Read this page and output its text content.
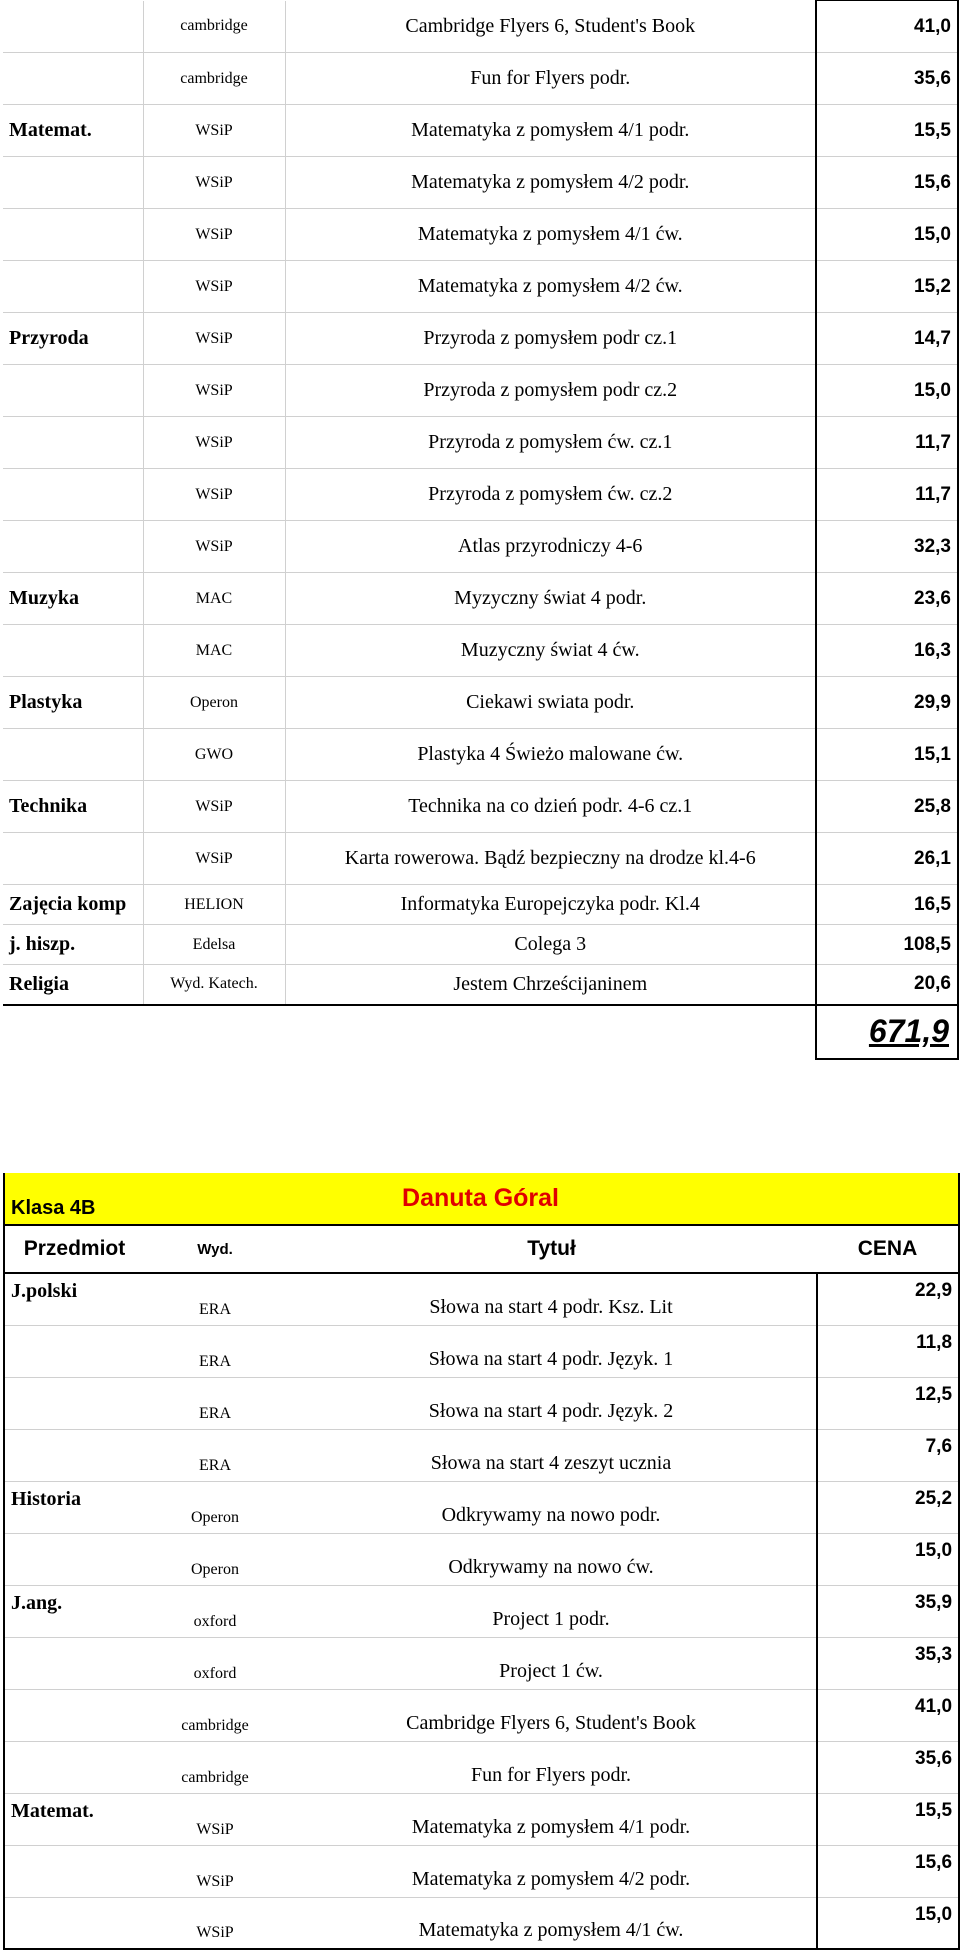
	cambridge	Cambridge Flyers 6, Student's Book	41,0
	cambridge	Fun for Flyers podr.	35,6
Matemat.	WSiP	Matematyka z pomysłem 4/1 podr.	15,5
	WSiP	Matematyka z pomysłem 4/2 podr.	15,6
	WSiP	Matematyka z pomysłem 4/1 ćw.	15,0
	WSiP	Matematyka z pomysłem 4/2 ćw.	15,2
Przyroda	WSiP	Przyroda z pomysłem podr cz.1	14,7
	WSiP	Przyroda z pomysłem podr cz.2	15,0
	WSiP	Przyroda z pomysłem ćw. cz.1	11,7
	WSiP	Przyroda z pomysłem ćw. cz.2	11,7
	WSiP	Atlas przyrodniczy 4-6	32,3
Muzyka	MAC	Myzyczny świat 4 podr.	23,6
	MAC	Muzyczny świat 4 ćw.	16,3
Plastyka	Operon	Ciekawi swiata podr.	29,9
	GWO	Plastyka 4 Świeżo malowane ćw.	15,1
Technika	WSiP	Technika na co dzień podr. 4-6 cz.1	25,8
	WSiP	Karta rowerowa. Bądź bezpieczny na drodze kl.4-6	26,1
Zajęcia komp	HELION	Informatyka Europejczyka podr. Kl.4	16,5
j. hiszp.	Edelsa	Colega 3	108,5
Religia	Wyd. Katech.	Jestem Chrześcijaninem	20,6
			671,9
Klasa 4B	Danuta Góral		
Przedmiot	Wyd.	Tytuł	CENA
J.polski	ERA	Słowa na start 4 podr. Ksz. Lit	22,9
	ERA	Słowa na start 4 podr. Język. 1	11,8
	ERA	Słowa na start 4 podr. Język. 2	12,5
	ERA	Słowa na start 4 zeszyt ucznia	7,6
Historia	Operon	Odkrywamy na nowo podr.	25,2
	Operon	Odkrywamy na nowo ćw.	15,0
J.ang.	oxford	Project 1 podr.	35,9
	oxford	Project 1 ćw.	35,3
	cambridge	Cambridge Flyers 6, Student's Book	41,0
	cambridge	Fun for Flyers podr.	35,6
Matemat.	WSiP	Matematyka z pomysłem 4/1 podr.	15,5
	WSiP	Matematyka z pomysłem 4/2 podr.	15,6
	WSiP	Matematyka z pomysłem 4/1 ćw.	15,0
